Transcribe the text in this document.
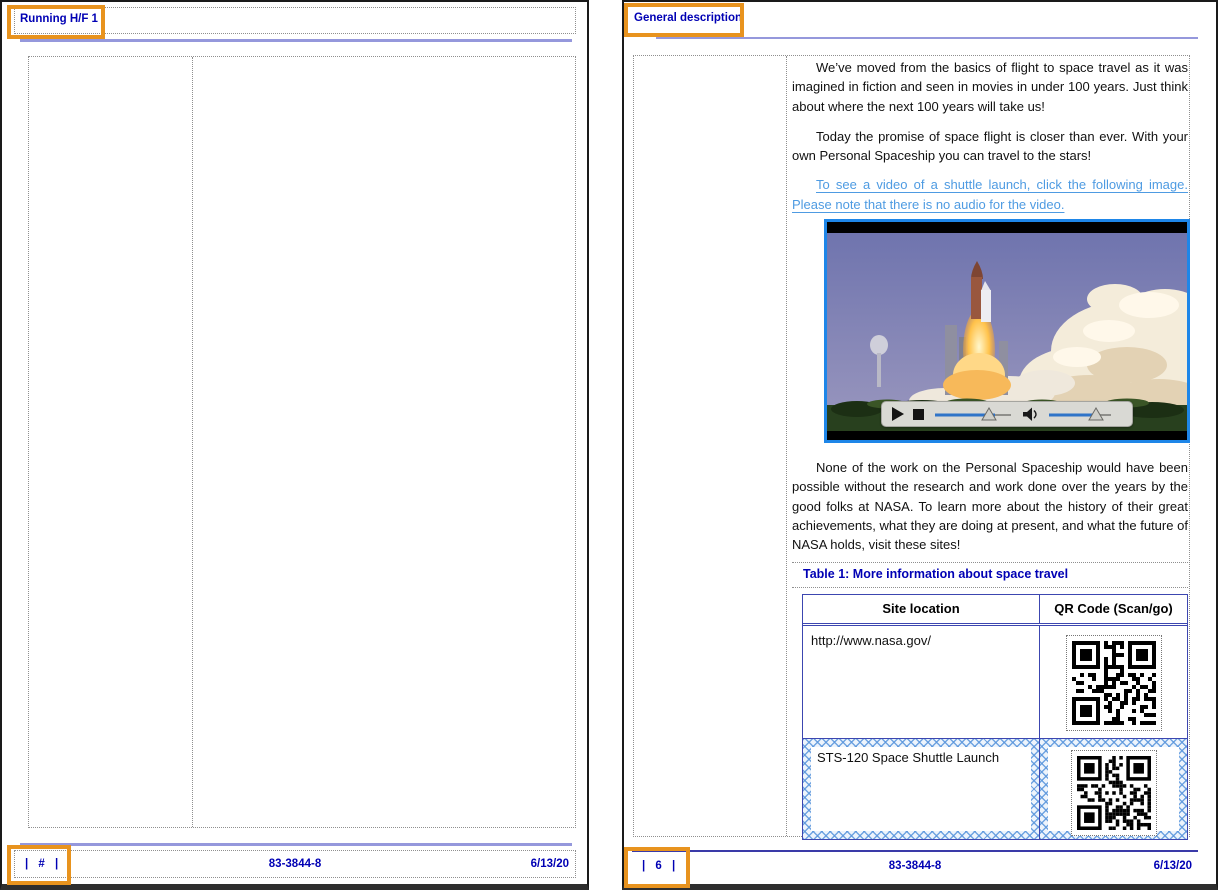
Running H/F 1
| # |	83-3844-8	6/13/20
General description

We’ve moved from the basics of flight to space travel as it was imagined in fiction and seen in movies in under 100 years. Just think about where the next 100 years will take us!

Today the promise of space flight is closer than ever. With your own Personal Spaceship you can travel to the stars!

To see a video of a shuttle launch, click the following image. Please note that there is no audio for the video.

None of the work on the Personal Spaceship would have been possible without the research and work done over the years by the good folks at NASA. To learn more about the history of their great achievements, what they are doing at present, and what the future of NASA holds, visit these sites!

Table 1: More information about space travel
Site location	QR Code (Scan/go)
http://www.nasa.gov/
STS-120 Space Shuttle Launch
| 6 |	83-3844-8	6/13/20
